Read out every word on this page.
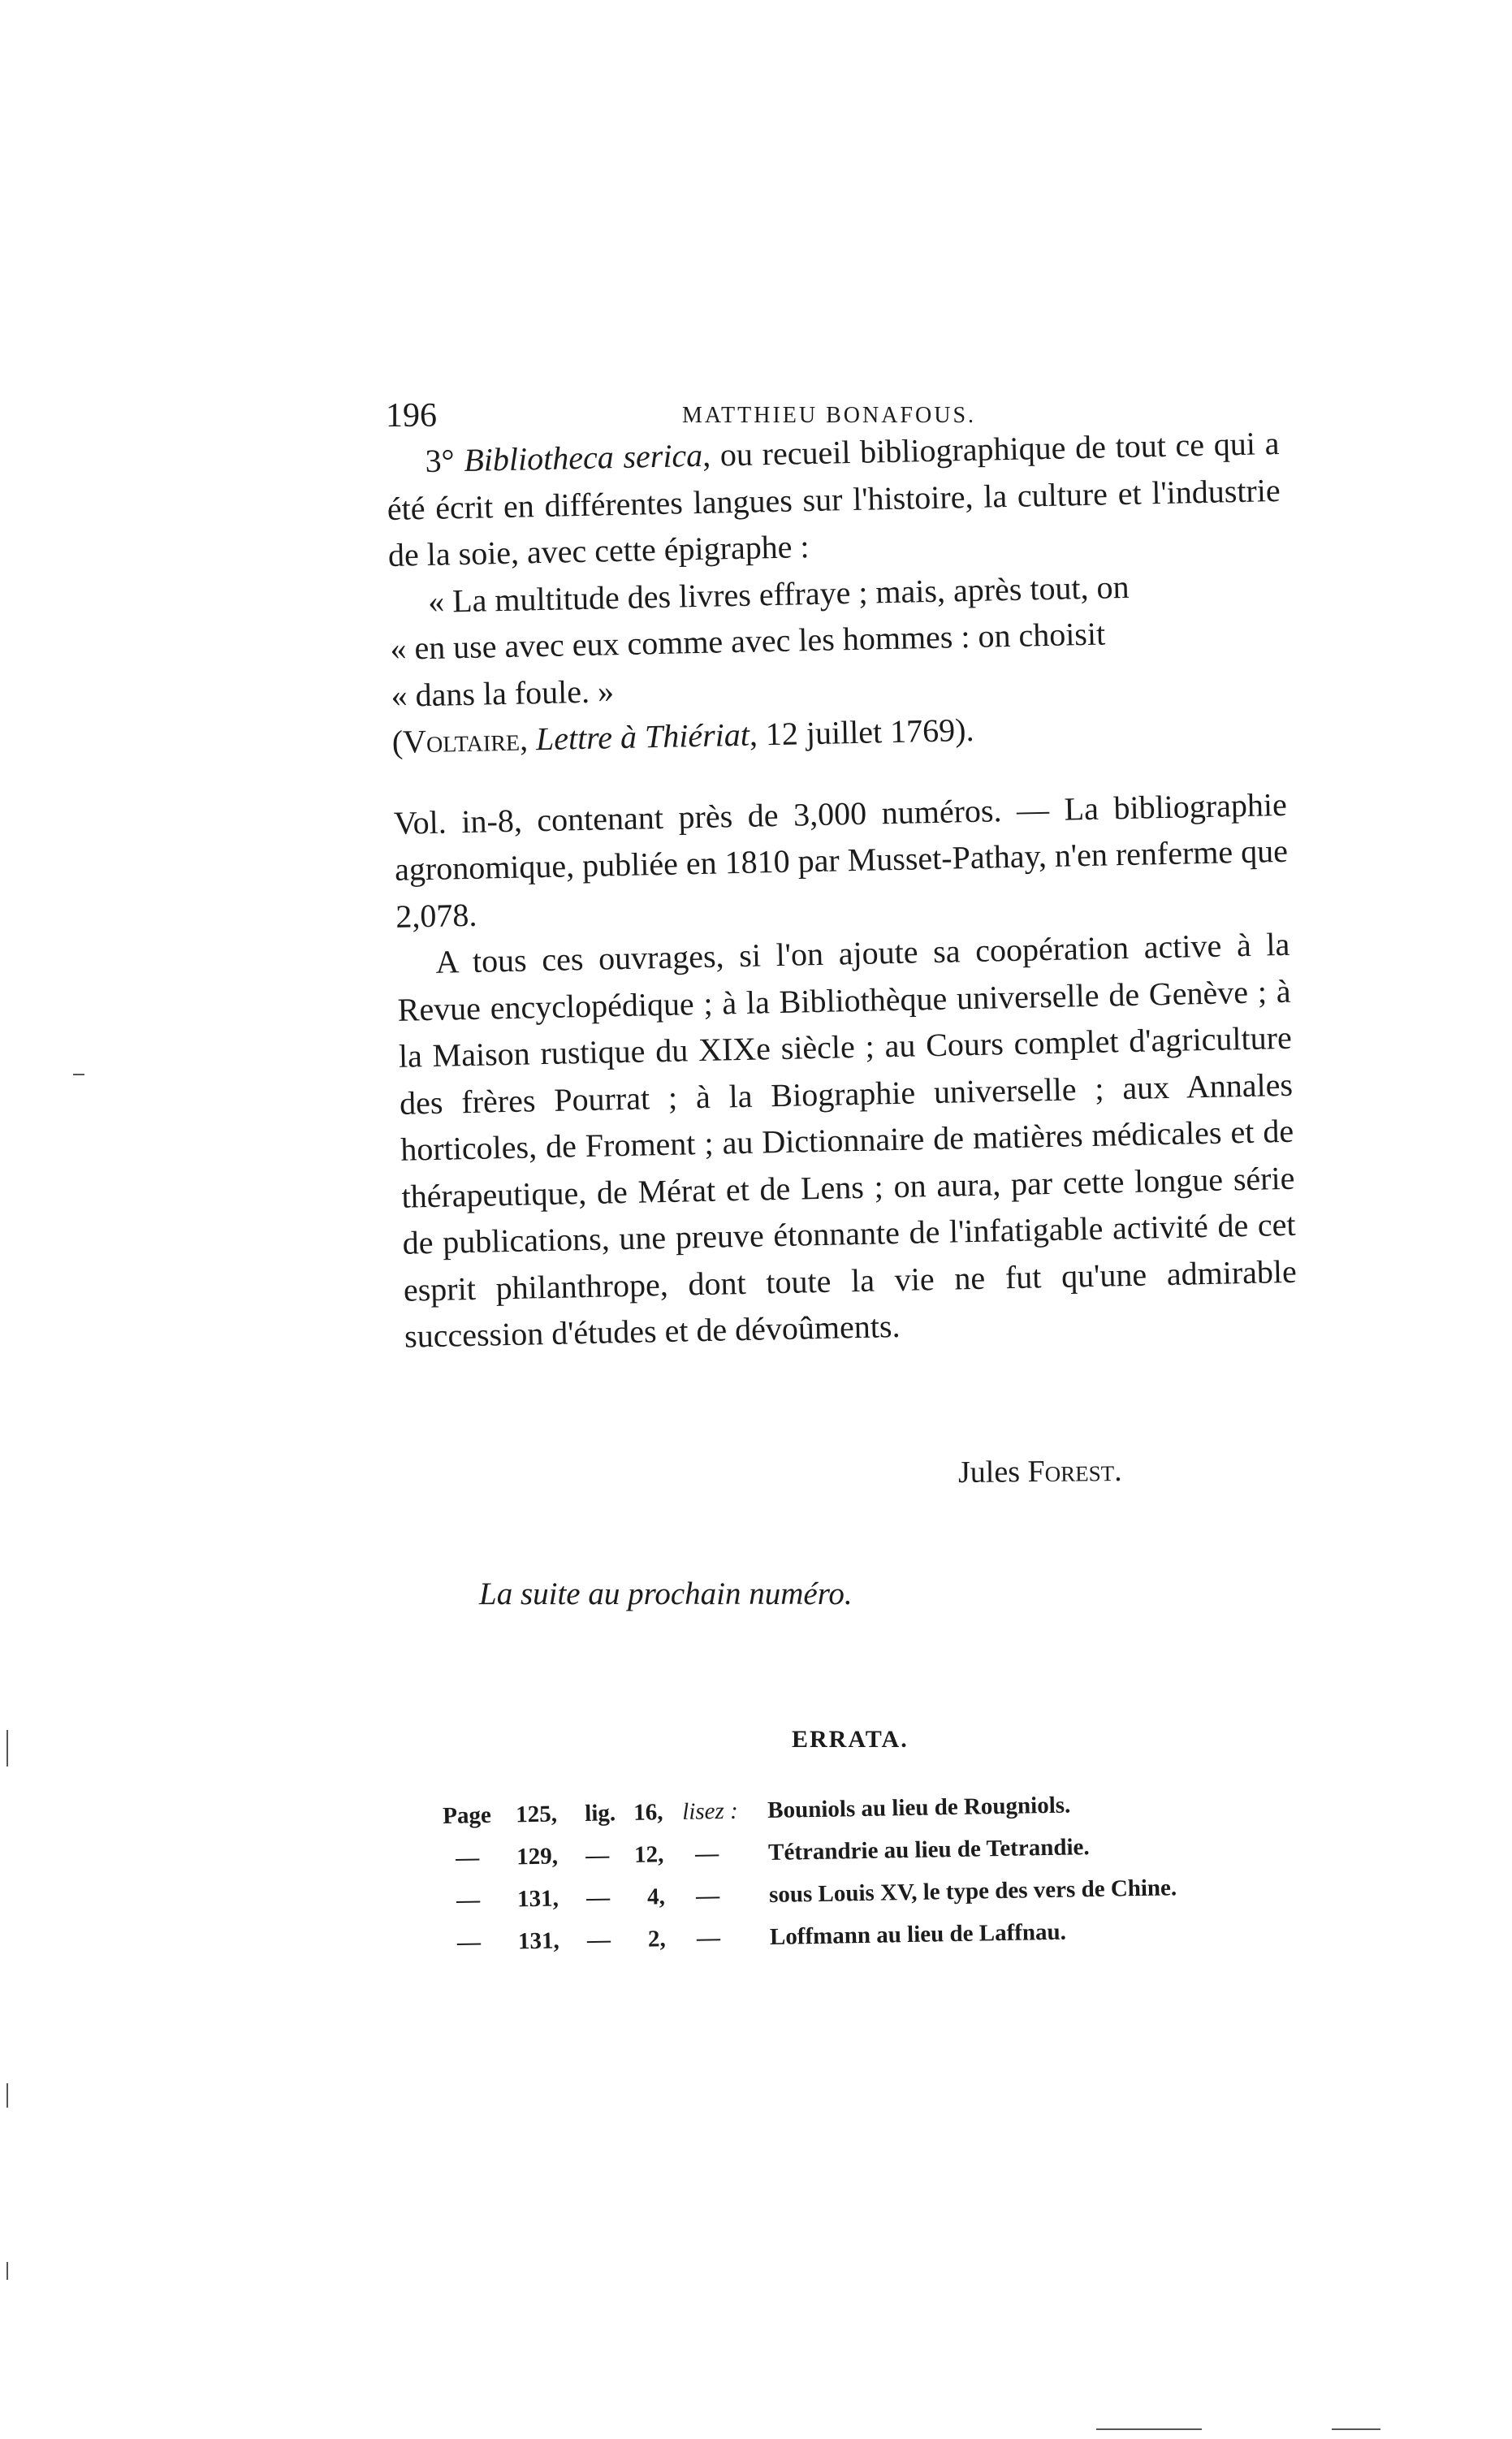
196	MATTHIEU BONAFOUS.

3° Bibliotheca serica, ou recueil bibliographique de tout ce qui a été écrit en différentes langues sur l'histoire, la culture et l'industrie de la soie, avec cette épigraphe :

« La multitude des livres effraye ; mais, après tout, on
« en use avec eux comme avec les hommes : on choisit
« dans la foule. »

(Voltaire, Lettre à Thiériat, 12 juillet 1769).

Vol. in-8, contenant près de 3,000 numéros. — La bibliographie agronomique, publiée en 1810 par Musset-Pathay, n'en renferme que 2,078.

A tous ces ouvrages, si l'on ajoute sa coopération active à la Revue encyclopédique ; à la Bibliothèque universelle de Genève ; à la Maison rustique du XIXe siècle ; au Cours complet d'agriculture des frères Pourrat ; à la Biographie universelle ; aux Annales horticoles, de Froment ; au Dictionnaire de matières médicales et de thérapeutique, de Mérat et de Lens ; on aura, par cette longue série de publications, une preuve étonnante de l'infatigable activité de cet esprit philanthrope, dont toute la vie ne fut qu'une admirable succession d'études et de dévoûments.

Jules Forest.
La suite au prochain numéro.
ERRATA.
Page 125, lig. 16, lisez : Bouniols au lieu de Rougniols.
—	129, — 12, — Tétrandrie au lieu de Tetrandie.
—	131, — 4, — sous Louis XV, le type des vers de Chine.
—	131, — 2, — Loffmann au lieu de Laffnau.
